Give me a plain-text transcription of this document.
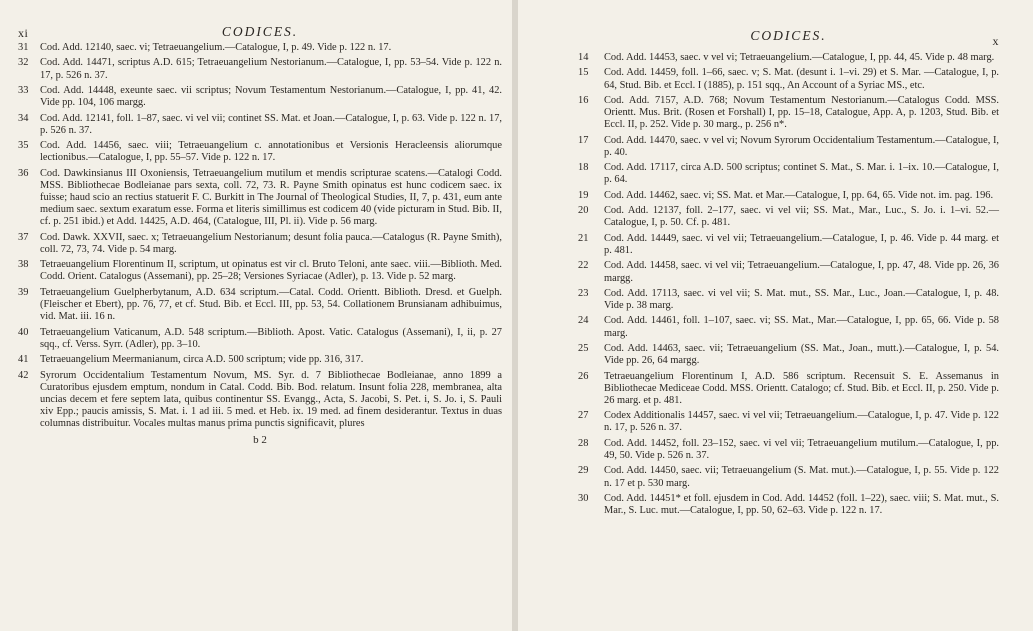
xi	CODICES.
31	Cod. Add. 12140, saec. vi; Tetraeuangelium.—Catalogue, I, p. 49. Vide p. 122 n. 17.
32	Cod. Add. 14471, scriptus A.D. 615; Tetraeuangelium Nestorianum.—Catalogue, I, pp. 53–54. Vide p. 122 n. 17, p. 526 n. 37.
33	Cod. Add. 14448, exeunte saec. vii scriptus; Novum Testamentum Nestorianum.—Catalogue, I, pp. 41, 42. Vide pp. 104, 106 margg.
34	Cod. Add. 12141, foll. 1–87, saec. vi vel vii; continet SS. Mat. et Joan.—Catalogue, I, p. 63. Vide p. 122 n. 17, p. 526 n. 37.
35	Cod. Add. 14456, saec. viii; Tetraeuangelium c. annotationibus et Versionis Heracleensis aliorumque lectionibus.—Catalogue, I, pp. 55–57. Vide p. 122 n. 17.
36	Cod. Dawkinsianus III Oxoniensis, Tetraeuangelium mutilum et mendis scripturae scatens.—Catalogi Codd. MSS. Bibliothecae Bodleianae pars sexta, coll. 72, 73. R. Payne Smith opinatus est hunc codicem saec. ix fuisse; haud scio an rectius statuerit F. C. Burkitt in The Journal of Theological Studies, II, 7, p. 431, eum ante medium saec. sextum exaratum esse. Forma et literis simillimus est codicem 40 (vide picturam in Stud. Bib. II, cf. p. 251 ibid.) et Add. 14425, A.D. 464, (Catalogue, III, Pl. ii). Vide p. 56 marg.
37	Cod. Dawk. XXVII, saec. x; Tetraeuangelium Nestorianum; desunt folia pauca.—Catalogus (R. Payne Smith), coll. 72, 73, 74. Vide p. 54 marg.
38	Tetraeuangelium Florentinum II, scriptum, ut opinatus est vir cl. Bruto Teloni, ante saec. viii.—Biblioth. Med. Codd. Orient. Catalogus (Assemani), pp. 25–28; Versiones Syriacae (Adler), p. 13. Vide p. 52 marg.
39	Tetraeuangelium Guelpherbytanum, A.D. 634 scriptum.—Catal. Codd. Orientt. Biblioth. Dresd. et Guelph. (Fleischer et Ebert), pp. 76, 77, et cf. Stud. Bib. et Eccl. III, pp. 53, 54. Collationem Brunsianam adhibuimus, vid. Mat. iii. 16 n.
40	Tetraeuangelium Vaticanum, A.D. 548 scriptum.—Biblioth. Apost. Vatic. Catalogus (Assemani), I, ii, p. 27 sqq., cf. Verss. Syrr. (Adler), pp. 3–10.
41	Tetraeuangelium Meermanianum, circa A.D. 500 scriptum; vide pp. 316, 317.
42	Syrorum Occidentalium Testamentum Novum, MS. Syr. d. 7 Bibliothecae Bodleianae, anno 1899 a Curatoribus ejusdem emptum, nondum in Catal. Codd. Bib. Bod. relatum. Insunt folia 228, membranea, alta uncias decem et fere septem lata, quibus continentur SS. Evangg., Acta, S. Jacobi, S. Pet. i, S. Jo. i, S. Pauli xiv Epp.; paucis amissis, S. Mat. i. 1 ad iii. 5 med. et Heb. ix. 19 med. ad finem desiderantur. Textus in duas columnas distribuitur. Vocales multas manus prima punctis significavit, plures
b 2
CODICES.	x
14	Cod. Add. 14453, saec. v vel vi; Tetraeuangelium.—Catalogue, I, pp. 44, 45. Vide p. 48 marg.
15	Cod. Add. 14459, foll. 1–66, saec. v; S. Mat. (desunt i. 1–vi. 29) et S. Mar. —Catalogue, I, p. 64, Stud. Bib. et Eccl. I (1885), p. 151 sqq., An Account of a Syriac MS., etc.
16	Cod. Add. 7157, A.D. 768; Novum Testamentum Nestorianum.—Catalogus Codd. MSS. Orientt. Mus. Brit. (Rosen et Forshall) I, pp. 15–18, Catalogue, App. A, p. 1203, Stud. Bib. et Eccl. II, p. 252. Vide p. 30 marg., p. 256 n*.
17	Cod. Add. 14470, saec. v vel vi; Novum Syrorum Occidentalium Testamentum.—Catalogue, I, p. 40.
18	Cod. Add. 17117, circa A.D. 500 scriptus; continet S. Mat., S. Mar. i. 1–ix. 10.—Catalogue, I, p. 64.
19	Cod. Add. 14462, saec. vi; SS. Mat. et Mar.—Catalogue, I, pp. 64, 65. Vide not. im. pag. 196.
20	Cod. Add. 12137, foll. 2–177, saec. vi vel vii; SS. Mat., Mar., Luc., S. Jo. i. 1–vi. 52.—Catalogue, I, p. 50. Cf. p. 481.
21	Cod. Add. 14449, saec. vi vel vii; Tetraeuangelium.—Catalogue, I, p. 46. Vide p. 44 marg. et p. 481.
22	Cod. Add. 14458, saec. vi vel vii; Tetraeuangelium.—Catalogue, I, pp. 47, 48. Vide pp. 26, 36 margg.
23	Cod. Add. 17113, saec. vi vel vii; S. Mat. mut., SS. Mar., Luc., Joan.—Catalogue, I, p. 48. Vide p. 38 marg.
24	Cod. Add. 14461, foll. 1–107, saec. vi; SS. Mat., Mar.—Catalogue, I, pp. 65, 66. Vide p. 58 marg.
25	Cod. Add. 14463, saec. vii; Tetraeuangelium (SS. Mat., Joan., mutt.).—Catalogue, I, p. 54. Vide pp. 26, 64 margg.
26	Tetraeuangelium Florentinum I, A.D. 586 scriptum. Recensuit S. E. Assemanus in Bibliothecae Mediceae Codd. MSS. Orientt. Catalogo; cf. Stud. Bib. et Eccl. II, p. 250. Vide p. 26 marg. et p. 481.
27	Codex Additionalis 14457, saec. vi vel vii; Tetraeuangelium.—Catalogue, I, p. 47. Vide p. 122 n. 17, p. 526 n. 37.
28	Cod. Add. 14452, foll. 23–152, saec. vi vel vii; Tetraeuangelium mutilum.—Catalogue, I, pp. 49, 50. Vide p. 526 n. 37.
29	Cod. Add. 14450, saec. vii; Tetraeuangelium (S. Mat. mut.).—Catalogue, I, p. 55. Vide p. 122 n. 17 et p. 530 marg.
30	Cod. Add. 14451* et foll. ejusdem in Cod. Add. 14452 (foll. 1–22), saec. viii; S. Mat. mut., S. Mar., S. Luc. mut.—Catalogue, I, pp. 50, 62–63. Vide p. 122 n. 17.
